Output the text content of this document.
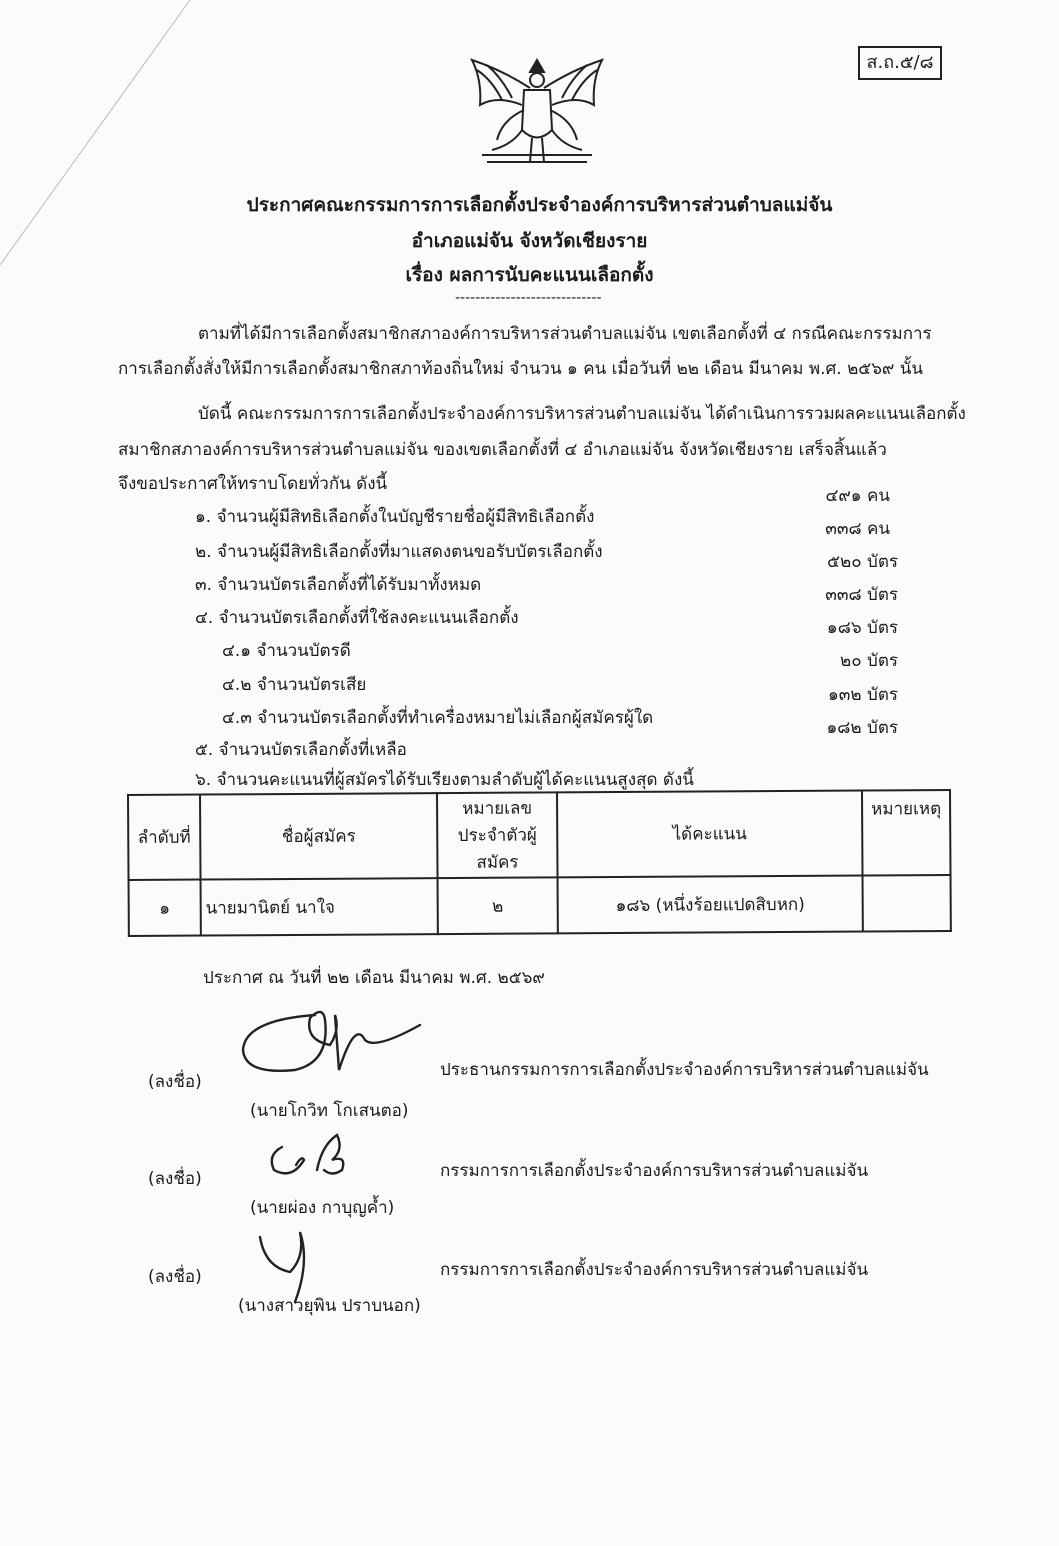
ส.ถ.๕/๘
ประกาศคณะกรรมการการเลือกตั้งประจำองค์การบริหารส่วนตำบลแม่จัน
อำเภอแม่จัน จังหวัดเชียงราย
เรื่อง ผลการนับคะแนนเลือกตั้ง
-----------------------------
ตามที่ได้มีการเลือกตั้งสมาชิกสภาองค์การบริหารส่วนตำบลแม่จัน เขตเลือกตั้งที่ ๔ กรณีคณะกรรมการ
การเลือกตั้งสั่งให้มีการเลือกตั้งสมาชิกสภาท้องถิ่นใหม่ จำนวน ๑ คน เมื่อวันที่ ๒๒ เดือน มีนาคม พ.ศ. ๒๕๖๙ นั้น
บัดนี้ คณะกรรมการการเลือกตั้งประจำองค์การบริหารส่วนตำบลแม่จัน ได้ดำเนินการรวมผลคะแนนเลือกตั้ง
สมาชิกสภาองค์การบริหารส่วนตำบลแม่จัน ของเขตเลือกตั้งที่ ๔ อำเภอแม่จัน จังหวัดเชียงราย เสร็จสิ้นแล้ว
จึงขอประกาศให้ทราบโดยทั่วกัน ดังนี้
๑. จำนวนผู้มีสิทธิเลือกตั้งในบัญชีรายชื่อผู้มีสิทธิเลือกตั้ง
๔๙๑ คน
๒. จำนวนผู้มีสิทธิเลือกตั้งที่มาแสดงตนขอรับบัตรเลือกตั้ง
๓๓๘ คน
๓. จำนวนบัตรเลือกตั้งที่ได้รับมาทั้งหมด
๕๒๐ บัตร
๔. จำนวนบัตรเลือกตั้งที่ใช้ลงคะแนนเลือกตั้ง
๓๓๘ บัตร
๔.๑ จำนวนบัตรดี
๑๘๖ บัตร
๔.๒ จำนวนบัตรเสีย
๒๐ บัตร
๔.๓ จำนวนบัตรเลือกตั้งที่ทำเครื่องหมายไม่เลือกผู้สมัครผู้ใด
๑๓๒ บัตร
๕. จำนวนบัตรเลือกตั้งที่เหลือ
๑๘๒ บัตร
๖. จำนวนคะแนนที่ผู้สมัครได้รับเรียงตามลำดับผู้ได้คะแนนสูงสุด ดังนี้
ลำดับที่	ชื่อผู้สมัคร	หมายเลข
ประจำตัวผู้สมัคร	ได้คะแนน	หมายเหตุ
๑	นายมานิตย์ นาใจ	๒	๑๘๖ (หนึ่งร้อยแปดสิบหก)	
ประกาศ ณ วันที่ ๒๒ เดือน มีนาคม พ.ศ. ๒๕๖๙
(ลงชื่อ)
(นายโกวิท โกเสนตอ)
ประธานกรรมการการเลือกตั้งประจำองค์การบริหารส่วนตำบลแม่จัน
(ลงชื่อ)
(นายผ่อง กาบุญค้ำ)
กรรมการการเลือกตั้งประจำองค์การบริหารส่วนตำบลแม่จัน
(ลงชื่อ)
(นางสาวยุพิน ปราบนอก)
กรรมการการเลือกตั้งประจำองค์การบริหารส่วนตำบลแม่จัน
